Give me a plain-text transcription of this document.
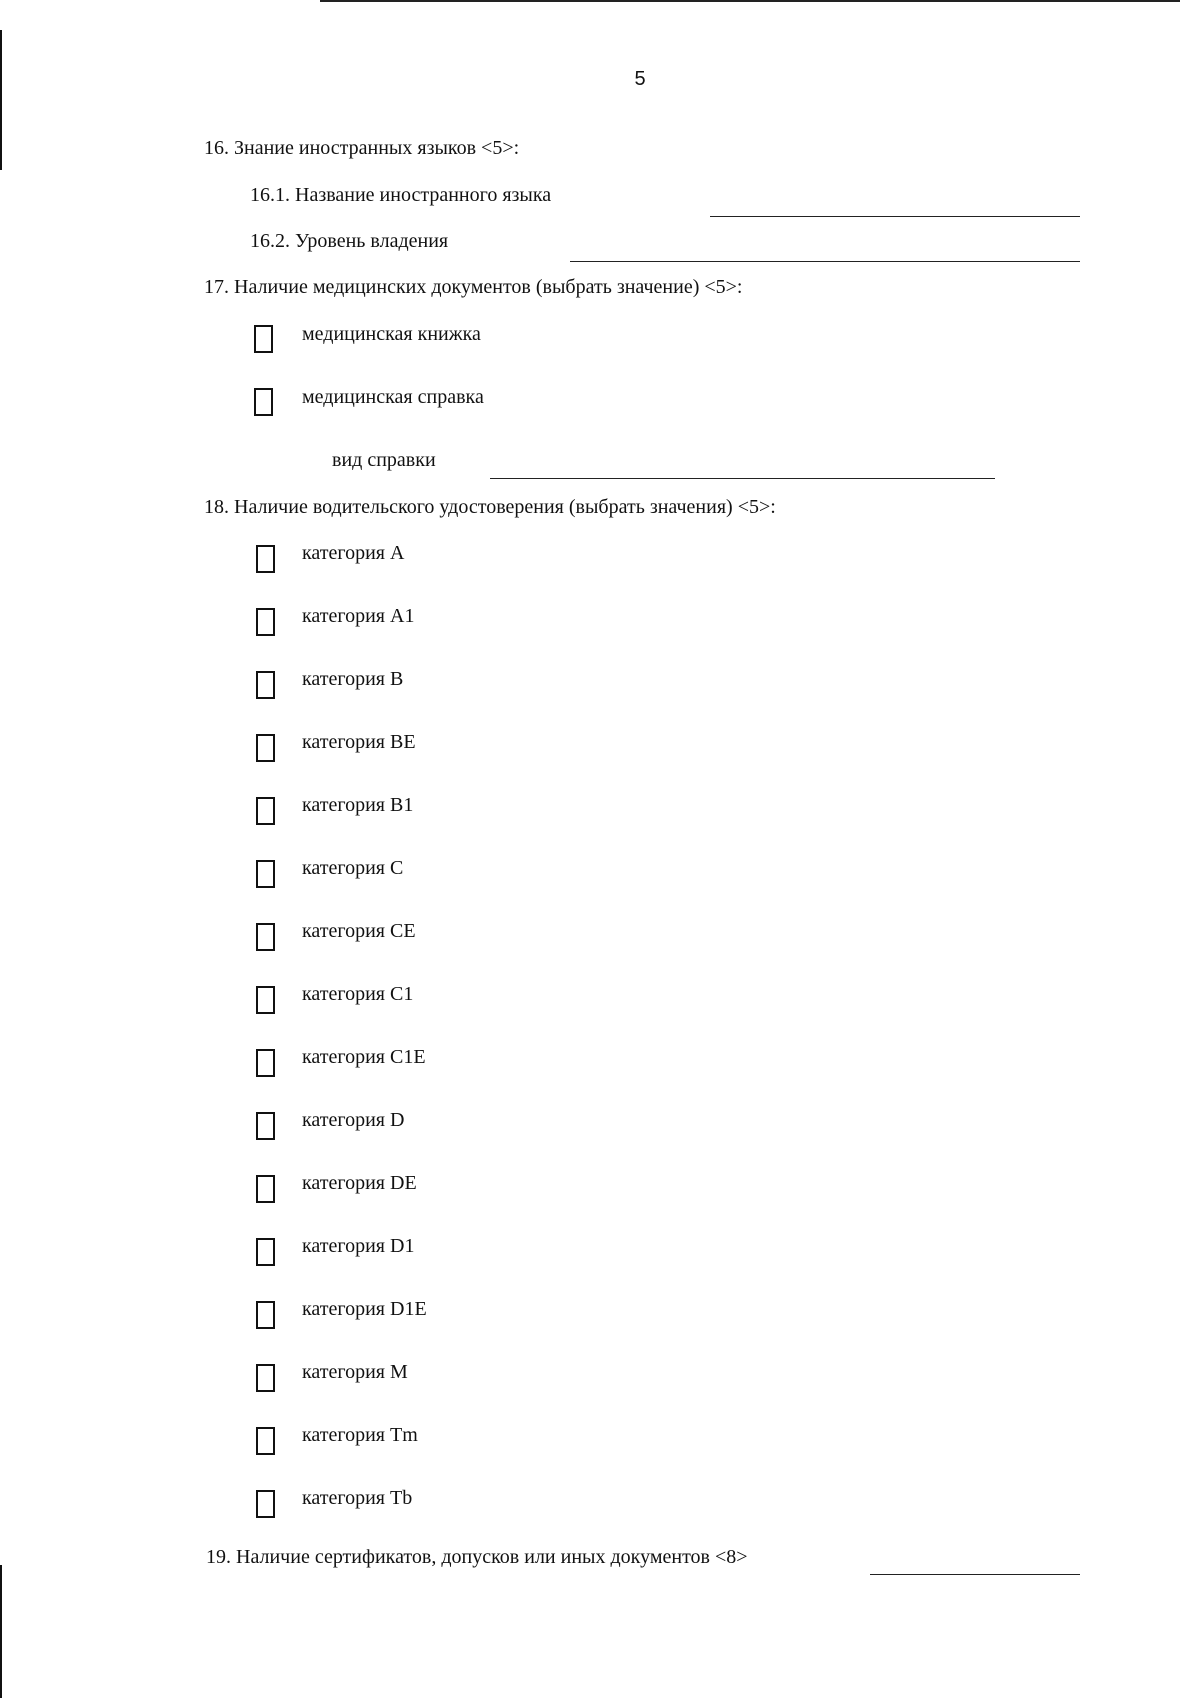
5
16. Знание иностранных языков <5>:
16.1. Название иностранного языка
16.2. Уровень владения
17. Наличие медицинских документов (выбрать значение) <5>:
медицинская книжка
медицинская справка
вид справки
18. Наличие водительского удостоверения (выбрать значения) <5>:
категория А
категория А1
категория В
категория ВЕ
категория В1
категория С
категория СЕ
категория С1
категория С1Е
категория D
категория DE
категория D1
категория D1E
категория М
категория Tm
категория Tb
19. Наличие сертификатов, допусков или иных документов <8>
